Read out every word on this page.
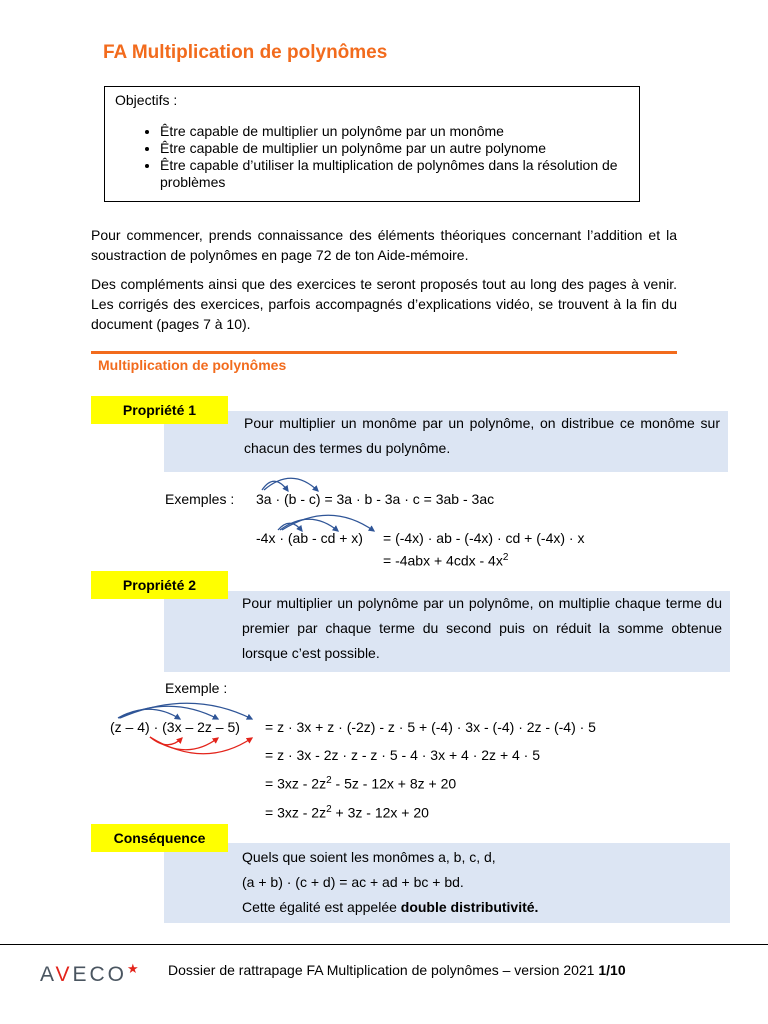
FA Multiplication de polynômes
Objectifs :
• Être capable de multiplier un polynôme par un monôme
• Être capable de multiplier un polynôme par un autre polynome
• Être capable d’utiliser la multiplication de polynômes dans la résolution de problèmes
Pour commencer, prends connaissance des éléments théoriques concernant l’addition et la soustraction de polynômes en page 72 de ton Aide-mémoire.
Des compléments ainsi que des exercices te seront proposés tout au long des pages à venir. Les corrigés des exercices, parfois accompagnés d’explications vidéo, se trouvent à la fin du document (pages 7 à 10).
Multiplication de polynômes
Pour multiplier un monôme par un polynôme, on distribue ce monôme sur chacun des termes du polynôme.
Propriété 1
Exemples : 3a · (b - c) = 3a · b - 3a · c = 3ab - 3ac
-4x · (ab - cd + x) = (-4x) · ab - (-4x) · cd + (-4x) · x
= $-4abx + 4cdx - 4x^2$
Pour multiplier un polynôme par un polynôme, on multiplie chaque terme du premier par chaque terme du second puis on réduit la somme obtenue lorsque c’est possible.
Propriété 2
Exemple :
(z – 4) · (3x – 2z – 5) = z · 3x + z · (-2z) - z · 5 + (-4) · 3x - (-4) · 2z - (-4) · 5
= z · 3x - 2z · z - z · 5 - 4 · 3x + 4 · 2z + 4 · 5
= $3xz - 2z^2 - 5z - 12x + 8z + 20$
= $3xz - 2z^2 + 3z - 12x + 20$
Quels que soient les monômes a, b, c, d,
(a + b) · (c + d) = ac + ad + bc + bd.
Cette égalité est appelée double distributivité.
Conséquence
AVECO★ Dossier de rattrapage FA Multiplication de polynômes – version 2021 1/10
